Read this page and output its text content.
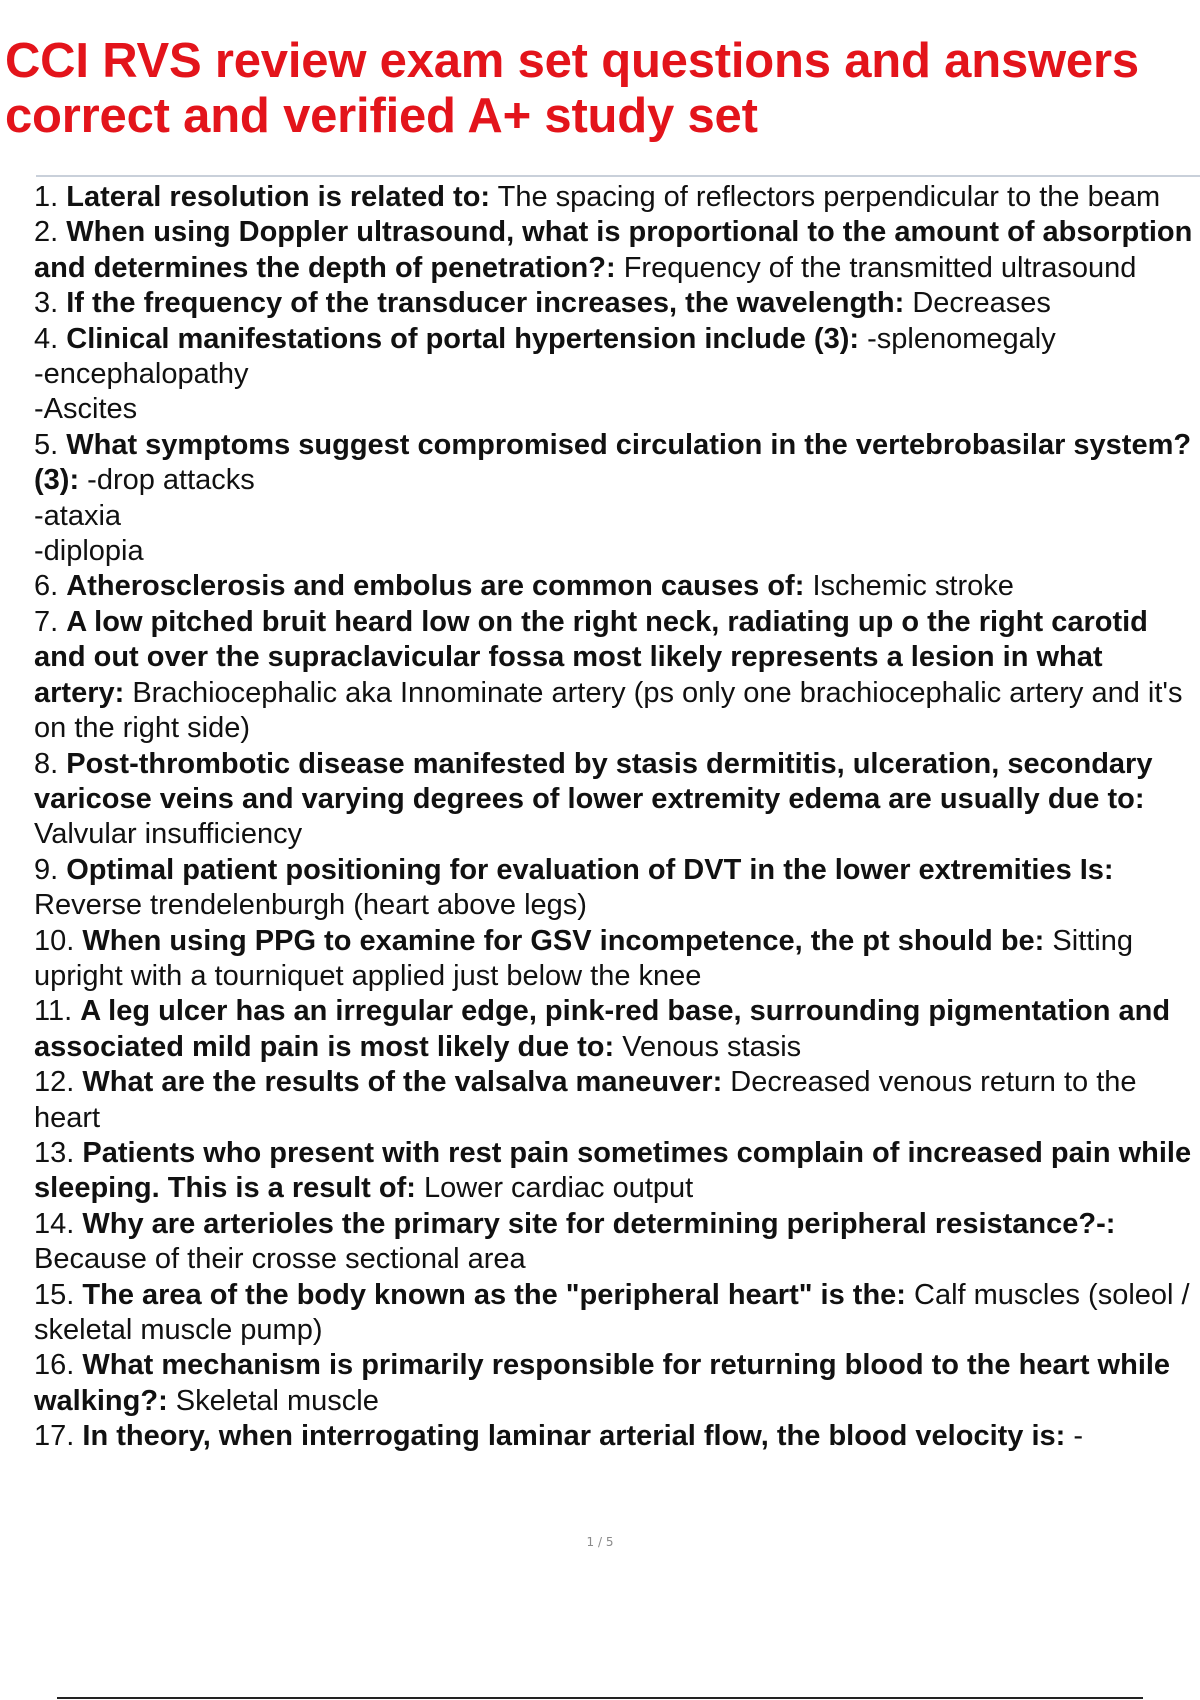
CCI RVS review exam set questions and answers correct and verified A+ study set
1. Lateral resolution is related to: The spacing of reflectors perpendicular to the beam
2. When using Doppler ultrasound, what is proportional to the amount of absorption and determines the depth of penetration?: Frequency of the transmitted ultrasound
3. If the frequency of the transducer increases, the wavelength: Decreases
4. Clinical manifestations of portal hypertension include (3): -splenomegaly
-encephalopathy
-Ascites
5. What symptoms suggest compromised circulation in the vertebrobasilar system? (3): -drop attacks
-ataxia
-diplopia
6. Atherosclerosis and embolus are common causes of: Ischemic stroke
7. A low pitched bruit heard low on the right neck, radiating up o the right carotid and out over the supraclavicular fossa most likely represents a lesion in what artery: Brachiocephalic aka Innominate artery (ps only one brachiocephalic artery and it's on the right side)
8. Post-thrombotic disease manifested by stasis dermititis, ulceration, secondary varicose veins and varying degrees of lower extremity edema are usually due to: Valvular insufficiency
9. Optimal patient positioning for evaluation of DVT in the lower extremities Is: Reverse trendelenburgh (heart above legs)
10. When using PPG to examine for GSV incompetence, the pt should be: Sitting upright with a tourniquet applied just below the knee
11. A leg ulcer has an irregular edge, pink-red base, surrounding pigmentation and associated mild pain is most likely due to: Venous stasis
12. What are the results of the valsalva maneuver: Decreased venous return to the heart
13. Patients who present with rest pain sometimes complain of increased pain while sleeping. This is a result of: Lower cardiac output
14. Why are arterioles the primary site for determining peripheral resistance?-: Because of their crosse sectional area
15. The area of the body known as the "peripheral heart" is the: Calf muscles (soleol / skeletal muscle pump)
16. What mechanism is primarily responsible for returning blood to the heart while walking?: Skeletal muscle
17. In theory, when interrogating laminar arterial flow, the blood velocity is: -
1 / 5
